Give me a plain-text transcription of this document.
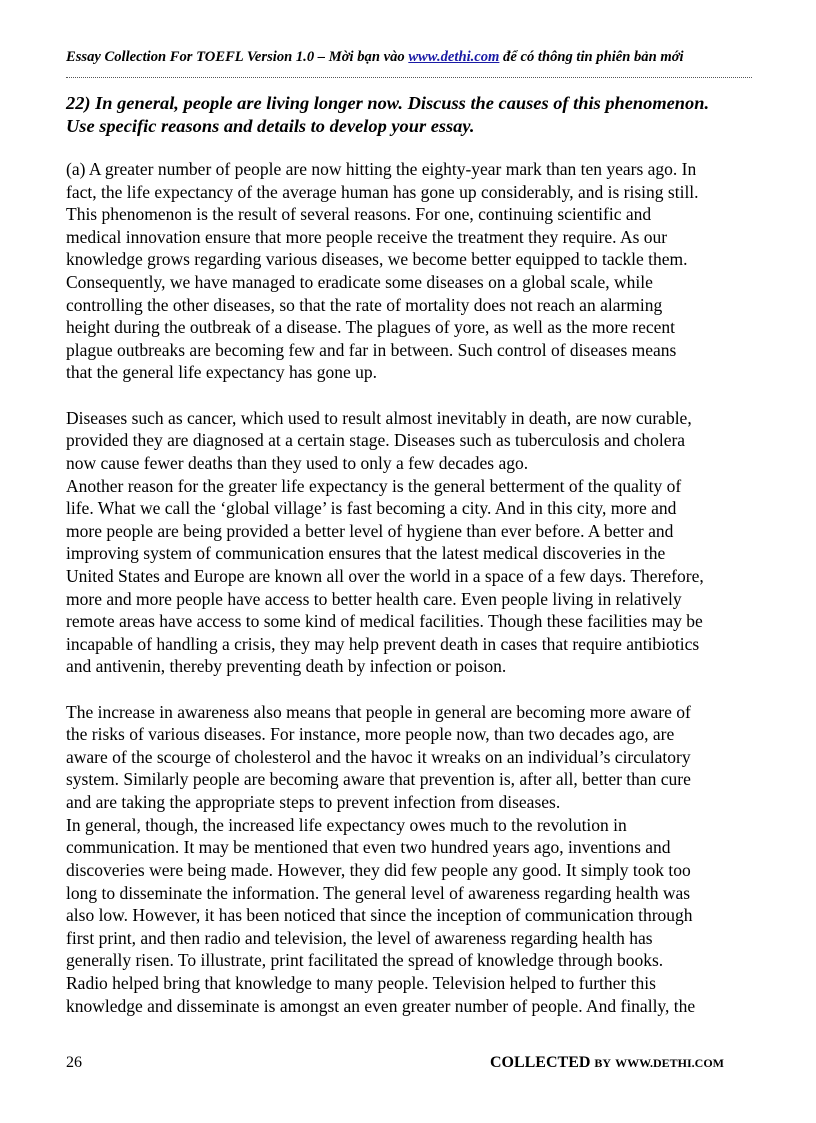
Essay Collection For TOEFL Version 1.0 – Mời bạn vào www.dethi.com để có thông tin phiên bản mới
22) In general, people are living longer now. Discuss the causes of this phenomenon.
Use specific reasons and details to develop your essay.
(a) A greater number of people are now hitting the eighty-year mark than ten years ago. In
fact, the life expectancy of the average human has gone up considerably, and is rising still.
This phenomenon is the result of several reasons. For one, continuing scientific and
medical innovation ensure that more people receive the treatment they require. As our
knowledge grows regarding various diseases, we become better equipped to tackle them.
Consequently, we have managed to eradicate some diseases on a global scale, while
controlling the other diseases, so that the rate of mortality does not reach an alarming
height during the outbreak of a disease. The plagues of yore, as well as the more recent
plague outbreaks are becoming few and far in between. Such control of diseases means
that the general life expectancy has gone up.
Diseases such as cancer, which used to result almost inevitably in death, are now curable,
provided they are diagnosed at a certain stage. Diseases such as tuberculosis and cholera
now cause fewer deaths than they used to only a few decades ago.
Another reason for the greater life expectancy is the general betterment of the quality of
life. What we call the ‘global village’ is fast becoming a city. And in this city, more and
more people are being provided a better level of hygiene than ever before. A better and
improving system of communication ensures that the latest medical discoveries in the
United States and Europe are known all over the world in a space of a few days. Therefore,
more and more people have access to better health care. Even people living in relatively
remote areas have access to some kind of medical facilities. Though these facilities may be
incapable of handling a crisis, they may help prevent death in cases that require antibiotics
and antivenin, thereby preventing death by infection or poison.
The increase in awareness also means that people in general are becoming more aware of
the risks of various diseases. For instance, more people now, than two decades ago, are
aware of the scourge of cholesterol and the havoc it wreaks on an individual’s circulatory
system. Similarly people are becoming aware that prevention is, after all, better than cure
and are taking the appropriate steps to prevent infection from diseases.
In general, though, the increased life expectancy owes much to the revolution in
communication. It may be mentioned that even two hundred years ago, inventions and
discoveries were being made. However, they did few people any good. It simply took too
long to disseminate the information. The general level of awareness regarding health was
also low. However, it has been noticed that since the inception of communication through
first print, and then radio and television, the level of awareness regarding health has
generally risen. To illustrate, print facilitated the spread of knowledge through books.
Radio helped bring that knowledge to many people. Television helped to further this
knowledge and disseminate is amongst an even greater number of people. And finally, the
26	COLLECTED BY WWW.DETHI.COM
